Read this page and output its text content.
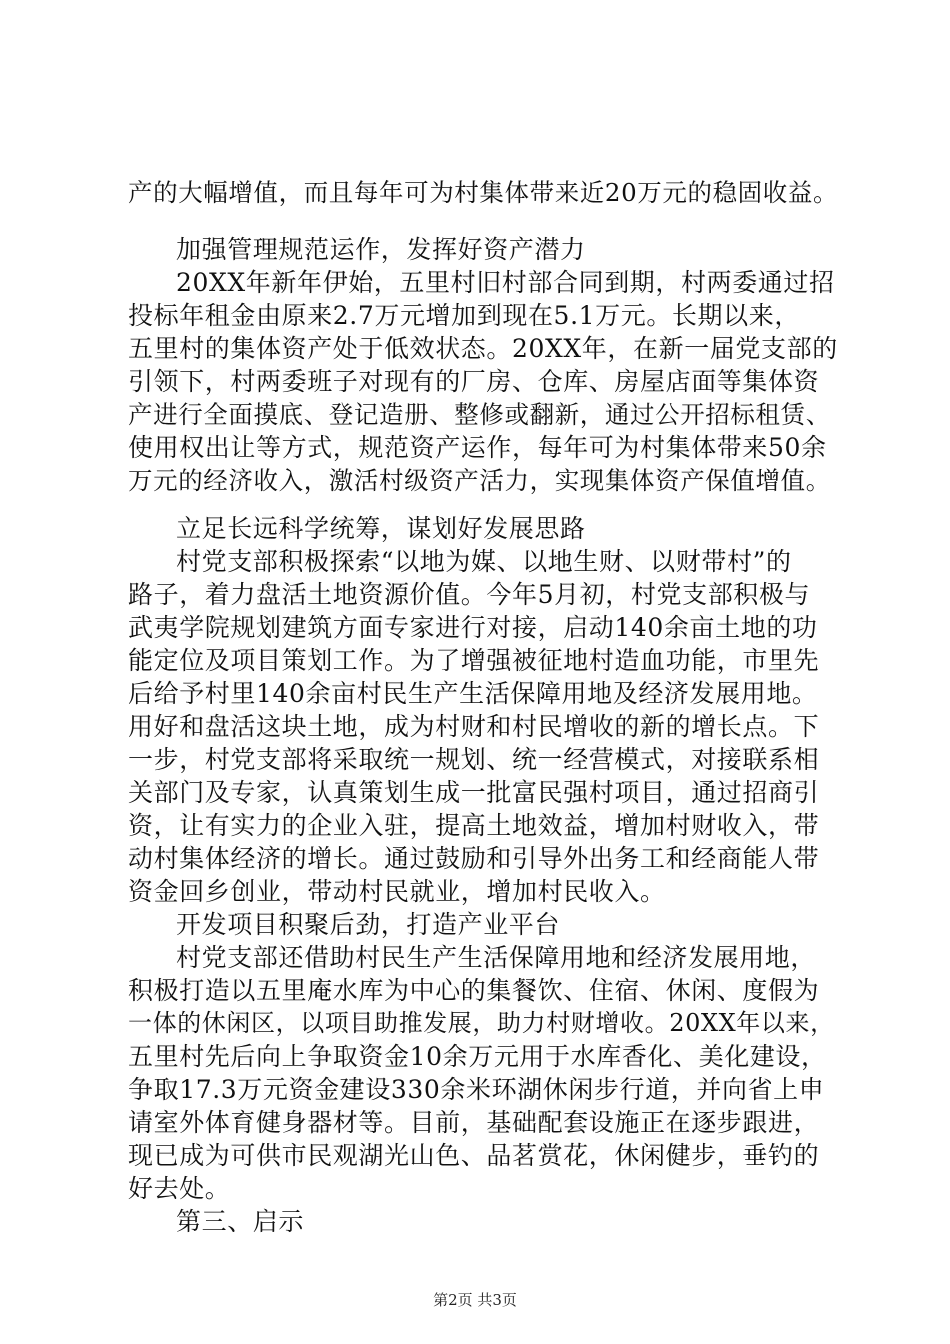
产的大幅增值，而且每年可为村集体带来近20万元的稳固收益。
加强管理规范运作，发挥好资产潜力
20XX年新年伊始，五里村旧村部合同到期，村两委通过招
投标年租金由原来2.7万元增加到现在5.1万元。长期以来，
五里村的集体资产处于低效状态。20XX年，在新一届党支部的
引领下，村两委班子对现有的厂房、仓库、房屋店面等集体资
产进行全面摸底、登记造册、整修或翻新，通过公开招标租赁、
使用权出让等方式，规范资产运作，每年可为村集体带来50余
万元的经济收入，激活村级资产活力，实现集体资产保值增值。
立足长远科学统筹，谋划好发展思路
村党支部积极探索“以地为媒、以地生财、以财带村”的
路子，着力盘活土地资源价值。今年5月初，村党支部积极与
武夷学院规划建筑方面专家进行对接，启动140余亩土地的功
能定位及项目策划工作。为了增强被征地村造血功能，市里先
后给予村里140余亩村民生产生活保障用地及经济发展用地。
用好和盘活这块土地，成为村财和村民增收的新的增长点。下
一步，村党支部将采取统一规划、统一经营模式，对接联系相
关部门及专家，认真策划生成一批富民强村项目，通过招商引
资，让有实力的企业入驻，提高土地效益，增加村财收入，带
动村集体经济的增长。通过鼓励和引导外出务工和经商能人带
资金回乡创业，带动村民就业，增加村民收入。
开发项目积聚后劲，打造产业平台
村党支部还借助村民生产生活保障用地和经济发展用地，
积极打造以五里庵水库为中心的集餐饮、住宿、休闲、度假为
一体的休闲区，以项目助推发展，助力村财增收。20XX年以来，
五里村先后向上争取资金10余万元用于水库香化、美化建设，
争取17.3万元资金建设330余米环湖休闲步行道，并向省上申
请室外体育健身器材等。目前，基础配套设施正在逐步跟进，
现已成为可供市民观湖光山色、品茗赏花，休闲健步，垂钓的
好去处。
第三、启示
第2页 共3页
